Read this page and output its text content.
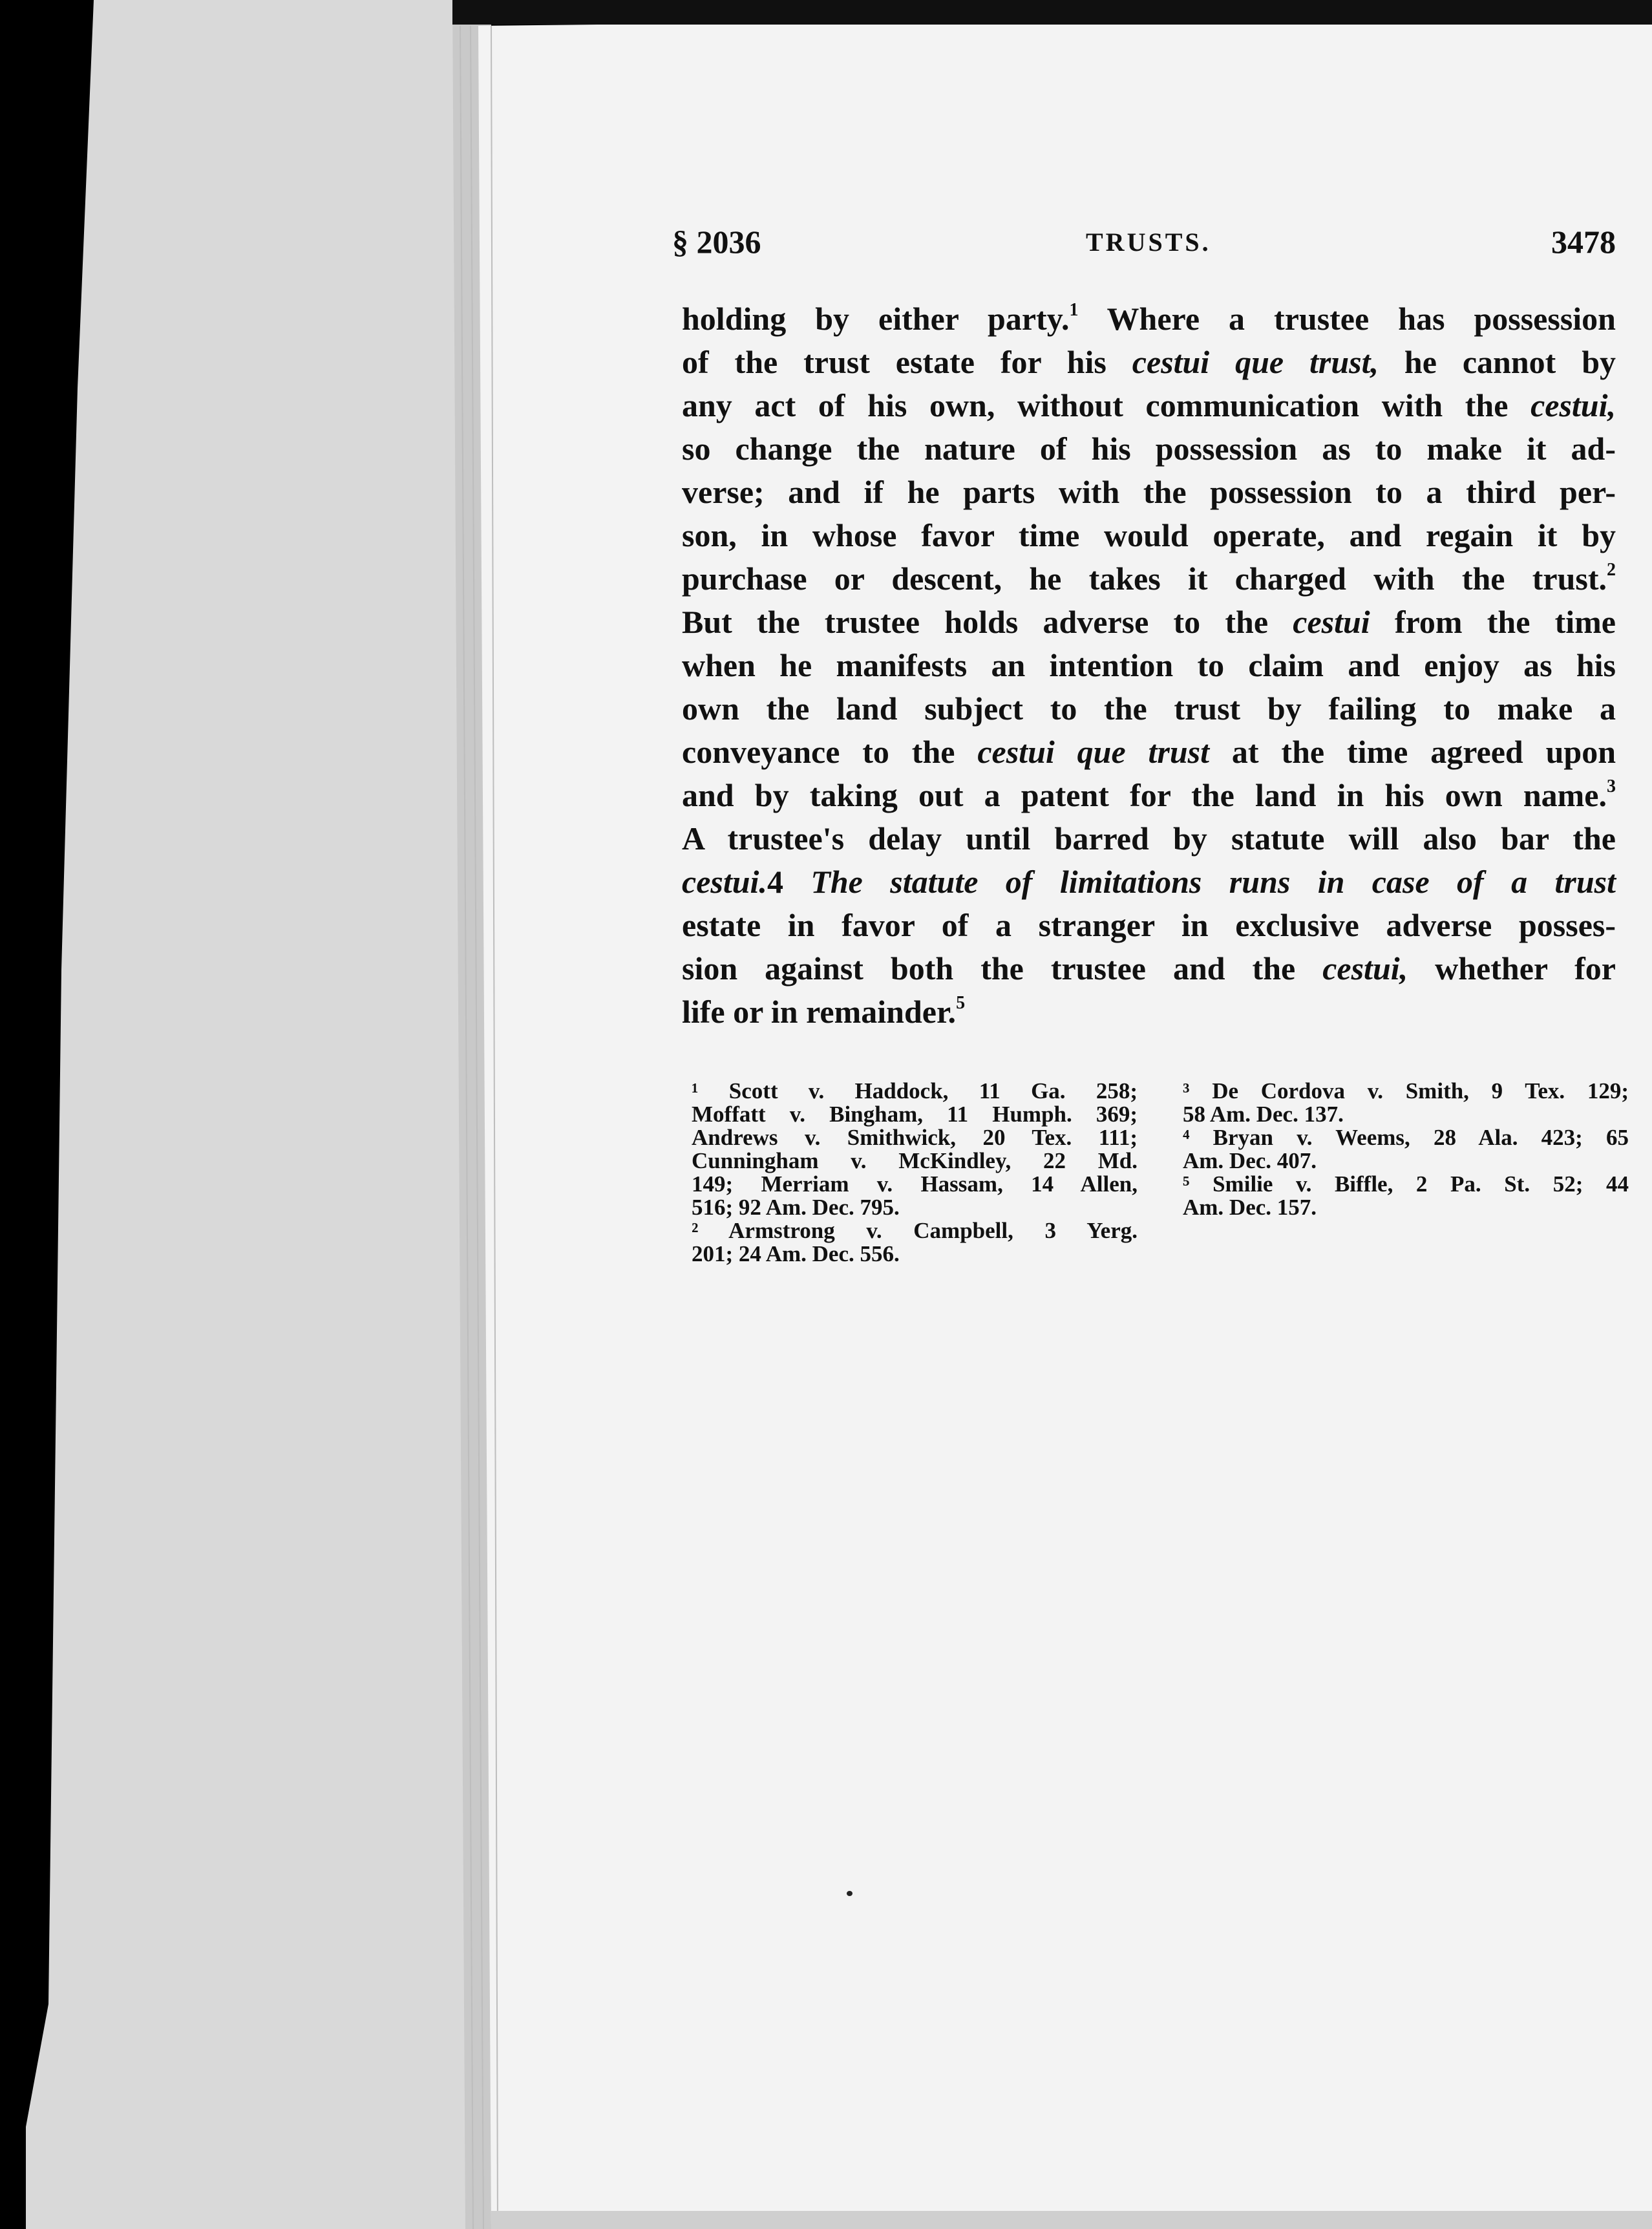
§ 2036	TRUSTS.	3478
holding by either party.$^1$ Where a trustee has possession
of the trust estate for his cestui que trust, he cannot by
any act of his own, without communication with the cestui,
so change the nature of his possession as to make it ad-
verse; and if he parts with the possession to a third per-
son, in whose favor time would operate, and regain it by
purchase or descent, he takes it charged with the trust.$^2$
But the trustee holds adverse to the cestui from the time
when he manifests an intention to claim and enjoy as his
own the land subject to the trust by failing to make a
conveyance to the cestui que trust at the time agreed upon
and by taking out a patent for the land in his own name.$^3$
A trustee's delay until barred by statute will also bar the
cestui.4 The statute of limitations runs in case of a trust
estate in favor of a stranger in exclusive adverse posses-
sion against both the trustee and the cestui, whether for
life or in remainder.$^5$
¹ Scott v. Haddock, 11 Ga. 258;
Moffatt v. Bingham, 11 Humph. 369;
Andrews v. Smithwick, 20 Tex. 111;
Cunningham v. McKindley, 22 Md.
149; Merriam v. Hassam, 14 Allen,
516; 92 Am. Dec. 795.
² Armstrong v. Campbell, 3 Yerg.
201; 24 Am. Dec. 556.
³ De Cordova v. Smith, 9 Tex. 129;
58 Am. Dec. 137.
⁴ Bryan v. Weems, 28 Ala. 423; 65
Am. Dec. 407.
⁵ Smilie v. Biffle, 2 Pa. St. 52; 44
Am. Dec. 157.
